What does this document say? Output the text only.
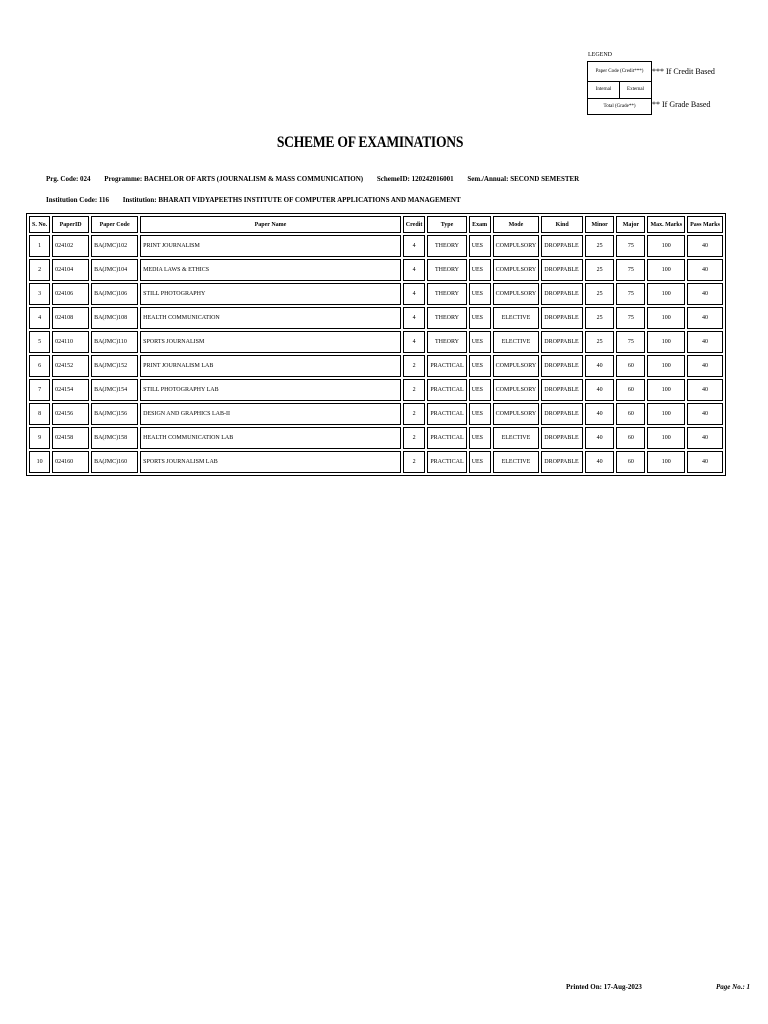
LEGEND
Paper Code (Credit***)
Internal	External
Total (Grade**)
*** If Credit Based
** If Grade Based
SCHEME OF EXAMINATIONS
Prg. Code: 024 Programme: BACHELOR OF ARTS (JOURNALISM & MASS COMMUNICATION) SchemeID: 120242016001 Sem./Annual: SECOND SEMESTER
Institution Code: 116 Institution: BHARATI VIDYAPEETHS INSTITUTE OF COMPUTER APPLICATIONS AND MANAGEMENT
S. No.	PaperID	Paper Code	Paper Name	Credit	Type	Exam	Mode	Kind	Minor	Major	Max. Marks	Pass Marks
1	024102	BA(JMC)102	PRINT JOURNALISM	4	THEORY	UES	COMPULSORY	DROPPABLE	25	75	100	40
2	024104	BA(JMC)104	MEDIA LAWS & ETHICS	4	THEORY	UES	COMPULSORY	DROPPABLE	25	75	100	40
3	024106	BA(JMC)106	STILL PHOTOGRAPHY	4	THEORY	UES	COMPULSORY	DROPPABLE	25	75	100	40
4	024108	BA(JMC)108	HEALTH COMMUNICATION	4	THEORY	UES	ELECTIVE	DROPPABLE	25	75	100	40
5	024110	BA(JMC)110	SPORTS JOURNALISM	4	THEORY	UES	ELECTIVE	DROPPABLE	25	75	100	40
6	024152	BA(JMC)152	PRINT JOURNALISM LAB	2	PRACTICAL	UES	COMPULSORY	DROPPABLE	40	60	100	40
7	024154	BA(JMC)154	STILL PHOTOGRAPHY LAB	2	PRACTICAL	UES	COMPULSORY	DROPPABLE	40	60	100	40
8	024156	BA(JMC)156	DESIGN AND GRAPHICS LAB-II	2	PRACTICAL	UES	COMPULSORY	DROPPABLE	40	60	100	40
9	024158	BA(JMC)158	HEALTH COMMUNICATION LAB	2	PRACTICAL	UES	ELECTIVE	DROPPABLE	40	60	100	40
10	024160	BA(JMC)160	SPORTS JOURNALISM LAB	2	PRACTICAL	UES	ELECTIVE	DROPPABLE	40	60	100	40
Printed On: 17-Aug-2023	Page No.: 1
